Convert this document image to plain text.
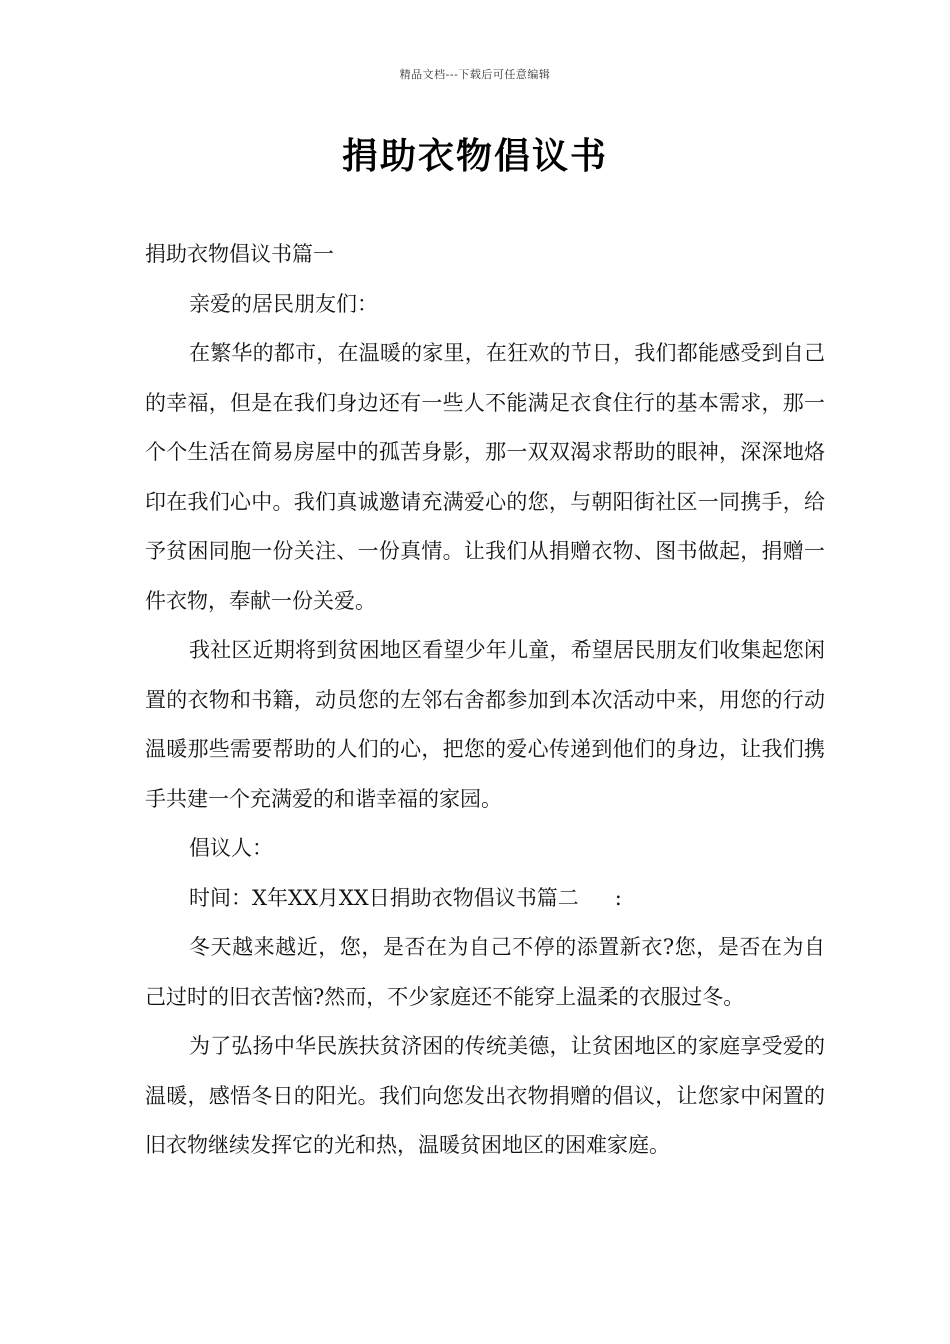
精品文档---下载后可任意编辑
捐助衣物倡议书

捐助衣物倡议书篇一

亲爱的居民朋友们：

在繁华的都市，在温暖的家里，在狂欢的节日，我们都能感受到自己的幸福，但是在我们身边还有一些人不能满足衣食住行的基本需求，那一个个生活在简易房屋中的孤苦身影，那一双双渴求帮助的眼神，深深地烙印在我们心中。我们真诚邀请充满爱心的您，与朝阳街社区一同携手，给予贫困同胞一份关注、一份真情。让我们从捐赠衣物、图书做起，捐赠一件衣物，奉献一份关爱。

我社区近期将到贫困地区看望少年儿童，希望居民朋友们收集起您闲置的衣物和书籍，动员您的左邻右舍都参加到本次活动中来，用您的行动温暖那些需要帮助的人们的心，把您的爱心传递到他们的身边，让我们携手共建一个充满爱的和谐幸福的家园。

倡议人：

时间：X年XX月XX日捐助衣物倡议书篇二 :

冬天越来越近，您，是否在为自己不停的添置新衣?您，是否在为自己过时的旧衣苦恼?然而，不少家庭还不能穿上温柔的衣服过冬。

为了弘扬中华民族扶贫济困的传统美德，让贫困地区的家庭享受爱的温暖，感悟冬日的阳光。我们向您发出衣物捐赠的倡议，让您家中闲置的旧衣物继续发挥它的光和热，温暖贫困地区的困难家庭。
